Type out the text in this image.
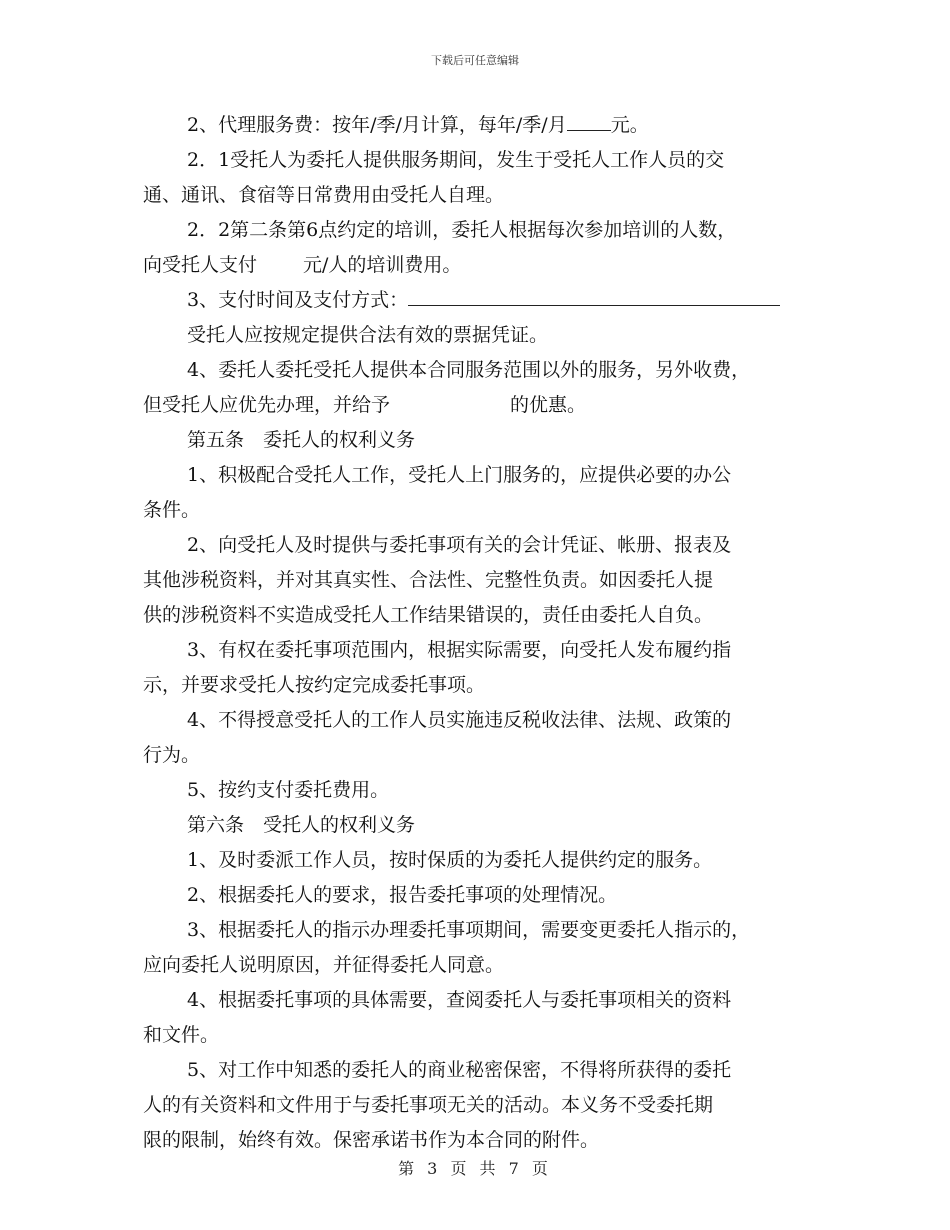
下载后可任意编辑
2、代理服务费：按年/季/月计算，每年/季/月 元。
2．1受托人为委托人提供服务期间，发生于受托人工作人员的交
通、通讯、食宿等日常费用由受托人自理。
2．2第二条第6点约定的培训，委托人根据每次参加培训的人数，
向受托人支付 元/人的培训费用。
3、支付时间及支付方式：
受托人应按规定提供合法有效的票据凭证。
4、委托人委托受托人提供本合同服务范围以外的服务，另外收费，
但受托人应优先办理，并给予	的优惠。
第五条　委托人的权利义务
1、积极配合受托人工作，受托人上门服务的，应提供必要的办公
条件。
2、向受托人及时提供与委托事项有关的会计凭证、帐册、报表及
其他涉税资料，并对其真实性、合法性、完整性负责。如因委托人提
供的涉税资料不实造成受托人工作结果错误的，责任由委托人自负。
3、有权在委托事项范围内，根据实际需要，向受托人发布履约指
示，并要求受托人按约定完成委托事项。
4、不得授意受托人的工作人员实施违反税收法律、法规、政策的
行为。
5、按约支付委托费用。
第六条　受托人的权利义务
1、及时委派工作人员，按时保质的为委托人提供约定的服务。
2、根据委托人的要求，报告委托事项的处理情况。
3、根据委托人的指示办理委托事项期间，需要变更委托人指示的，
应向委托人说明原因，并征得委托人同意。
4、根据委托事项的具体需要，查阅委托人与委托事项相关的资料
和文件。
5、对工作中知悉的委托人的商业秘密保密，不得将所获得的委托
人的有关资料和文件用于与委托事项无关的活动。本义务不受委托期
限的限制，始终有效。保密承诺书作为本合同的附件。
第 3 页 共 7 页
